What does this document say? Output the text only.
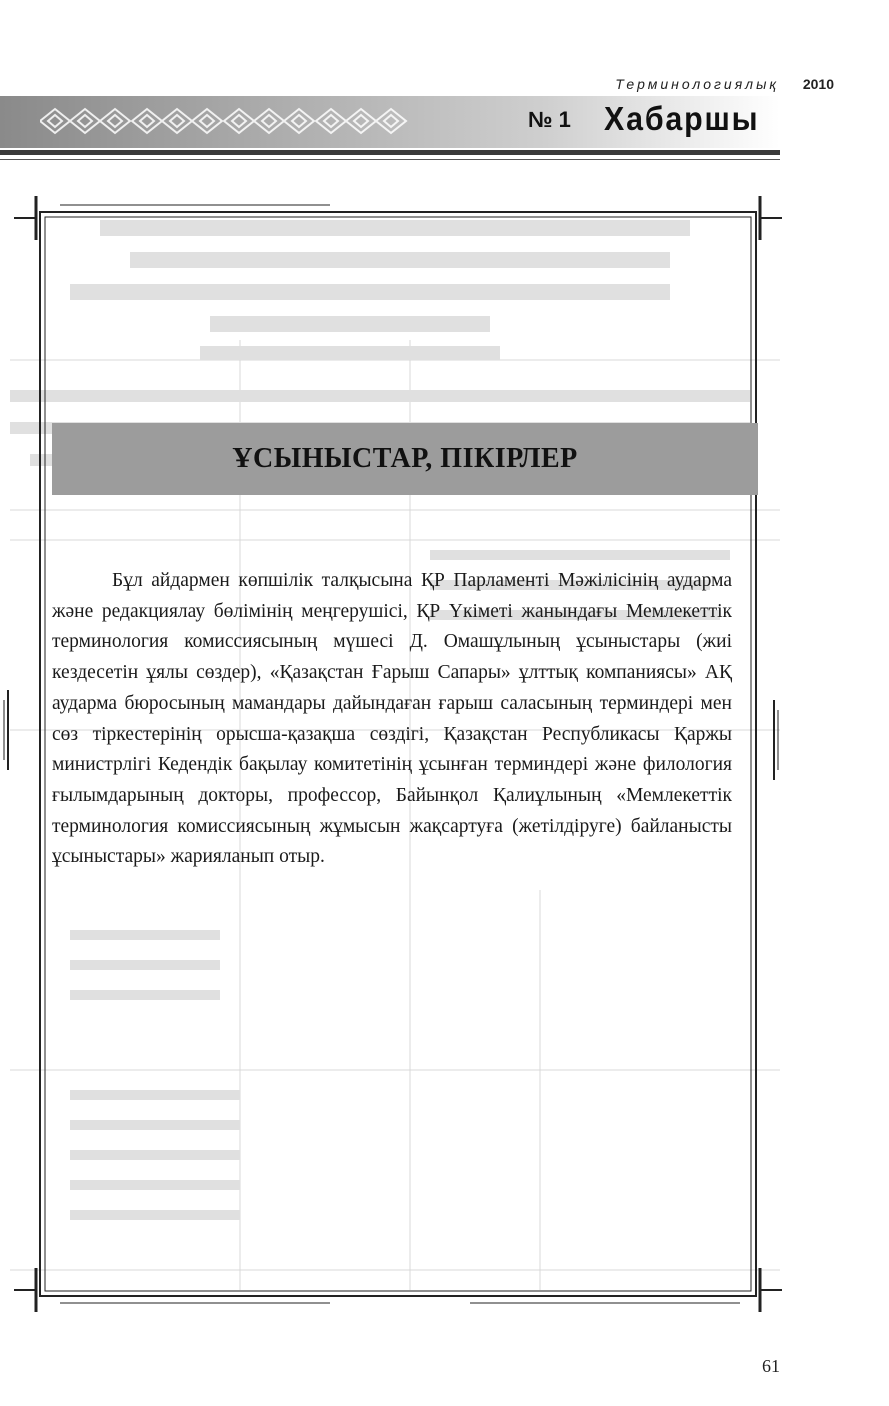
Терминологиялық 2010
№ 1 Хабаршы
ҰСЫНЫСТАР, ПІКІРЛЕР

Бұл айдармен көпшілік талқысына ҚР Парламенті Мәжілісінің аударма және редакциялау бөлімінің меңгерушісі, ҚР Үкіметі жанындағы Мемлекеттік терминология комиссиясының мүшесі Д. Омашұлының ұсыныстары (жиі кездесетін ұялы сөздер), «Қазақстан Ғарыш Сапары» ұлттық компаниясы» АҚ аударма бюросының мамандары дайындаған ғарыш саласының терминдері мен сөз тіркестерінің орысша-қазақша сөздігі, Қазақстан Республикасы Қаржы министрлігі Кедендік бақылау комитетінің ұсынған терминдері және филология ғылымдарының докторы, профессор, Байынқол Қалиұлының «Мемлекеттік терминология комиссиясының жұмысын жақсартуға (жетілдіруге) байланысты ұсыныстары» жарияланып отыр.

61
